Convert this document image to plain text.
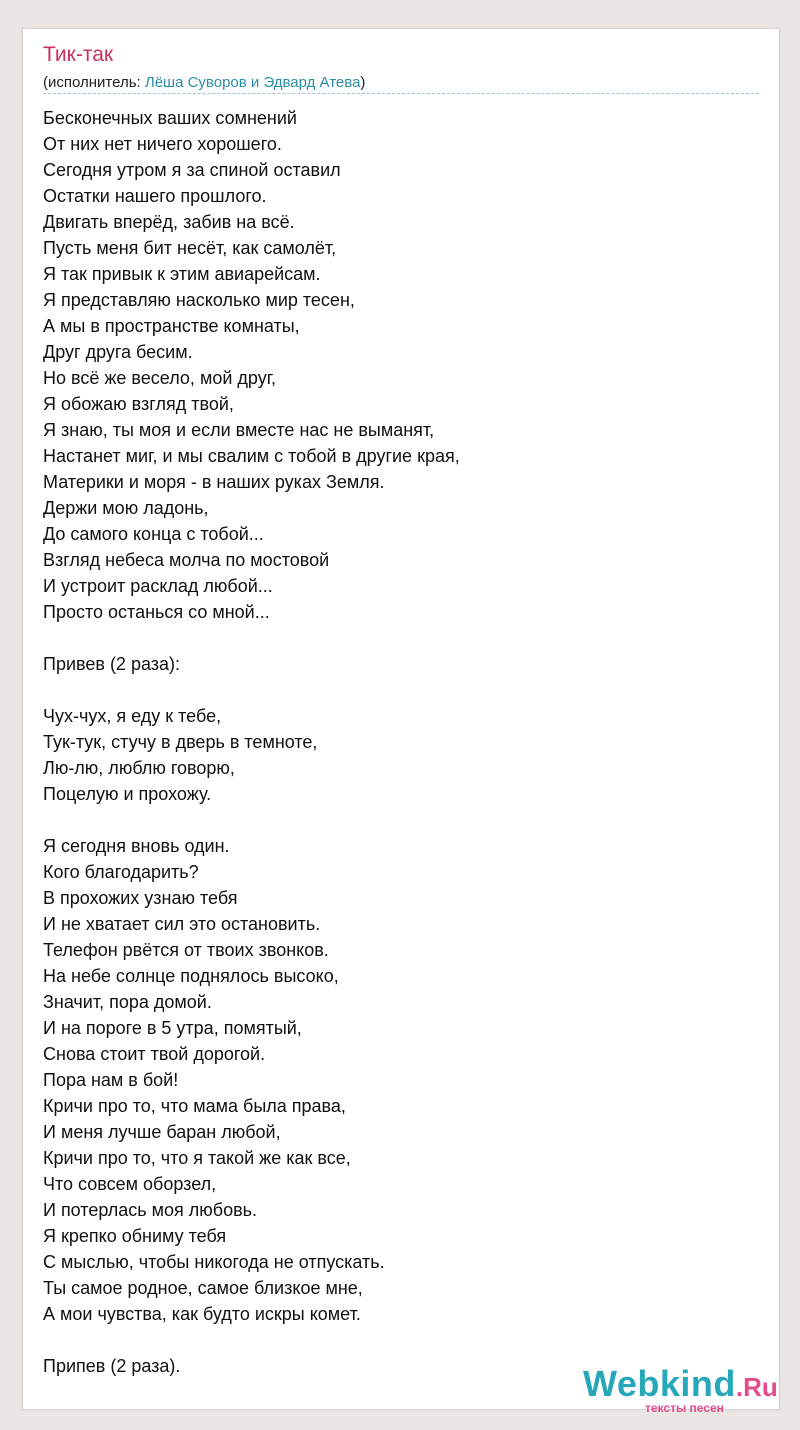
Тик-так
(исполнитель: Лёша Суворов и Эдвард Атева)
Бесконечных ваших сомнений
От них нет ничего хорошего.
Сегодня утром я за спиной оставил
Остатки нашего прошлого.
Двигать вперёд, забив на всё.
Пусть меня бит несёт, как самолёт,
Я так привык к этим авиарейсам.
Я представляю насколько мир тесен,
А мы в пространстве комнаты,
Друг друга бесим.
Но всё же весело, мой друг,
Я обожаю взгляд твой,
Я знаю, ты моя и если вместе нас не выманят,
Настанет миг, и мы свалим с тобой в другие края,
Материки и моря - в наших руках Земля.
Держи мою ладонь,
До самого конца с тобой...
Взгляд небеса молча по мостовой
И устроит расклад любой...
Просто останься со мной...

Привев (2 раза):

Чух-чух, я еду к тебе,
Тук-тук, стучу в дверь в темноте,
Лю-лю, люблю говорю,
Поцелую и прохожу.

Я сегодня вновь один.
Кого благодарить?
В прохожих узнаю тебя
И не хватает сил это остановить.
Телефон рвётся от твоих звонков.
На небе солнце поднялось высоко,
Значит, пора домой.
И на пороге в 5 утра, помятый,
Снова стоит твой дорогой.
Пора нам в бой!
Кричи про то, что мама была права,
И меня лучше баран любой,
Кричи про то, что я такой же как все,
Что совсем оборзел,
И потерлась моя любовь.
Я крепко обниму тебя
С мыслью, чтобы никогода не отпускать.
Ты самое родное, самое близкое мне,
А мои чувства, как будто искры комет.

Припев (2 раза).	Webkind.Ru
тексты песен
